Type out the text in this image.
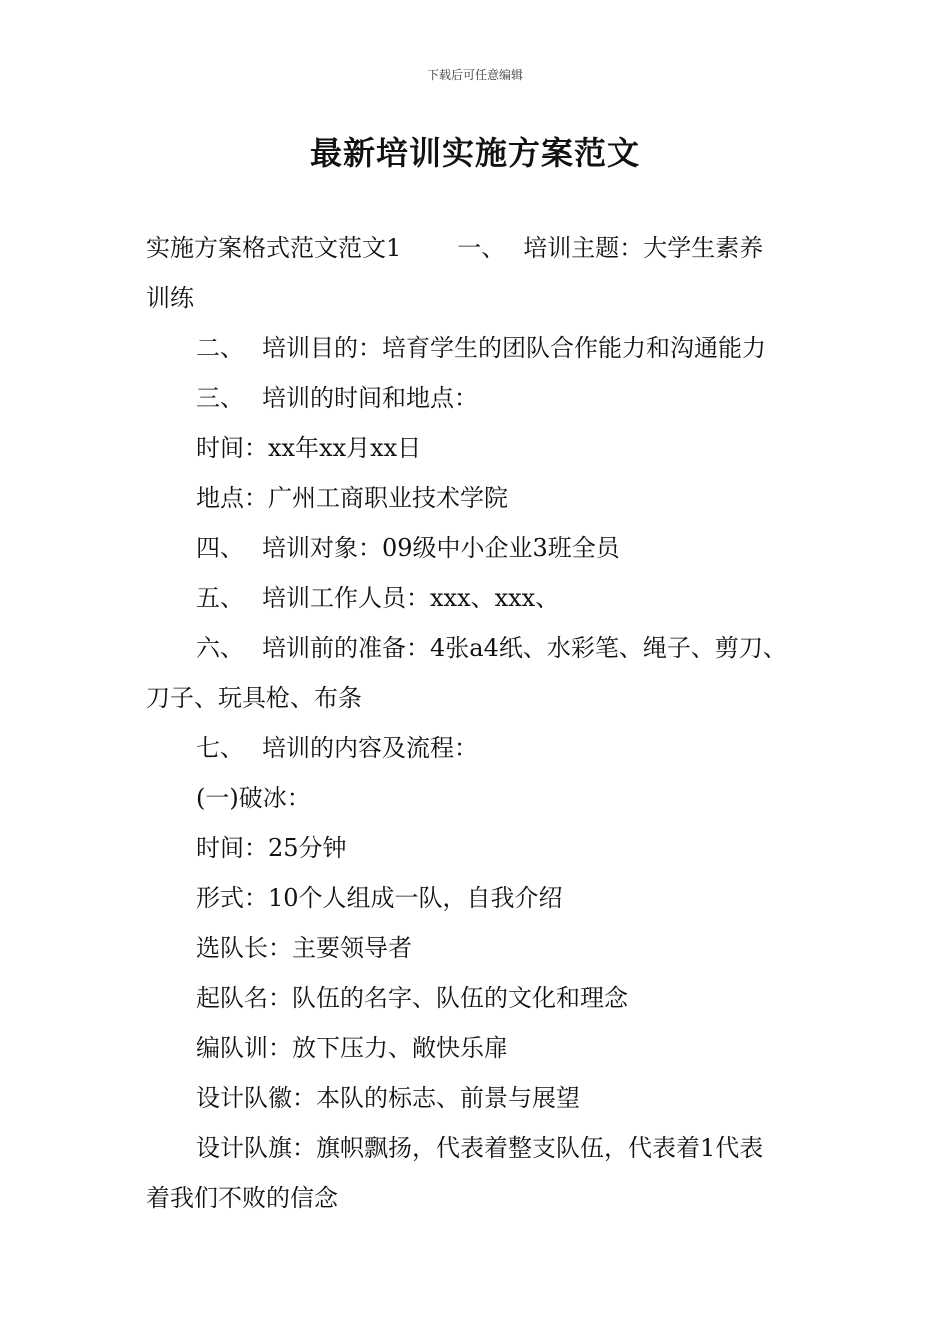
下载后可任意编辑
最新培训实施方案范文
实施方案格式范文范文1 一、 培训主题：大学生素养
训练
二、 培训目的：培育学生的团队合作能力和沟通能力
三、 培训的时间和地点：
时间：xx年xx月xx日
地点：广州工商职业技术学院
四、 培训对象：09级中小企业3班全员
五、 培训工作人员：xxx、xxx、
六、 培训前的准备：4张a4纸、水彩笔、绳子、剪刀、
刀子、玩具枪、布条
七、 培训的内容及流程：
(一)破冰：
时间：25分钟
形式：10个人组成一队，自我介绍
选队长：主要领导者
起队名：队伍的名字、队伍的文化和理念
编队训：放下压力、敞快乐扉
设计队徽：本队的标志、前景与展望
设计队旗：旗帜飘扬，代表着整支队伍，代表着1代表
着我们不败的信念
